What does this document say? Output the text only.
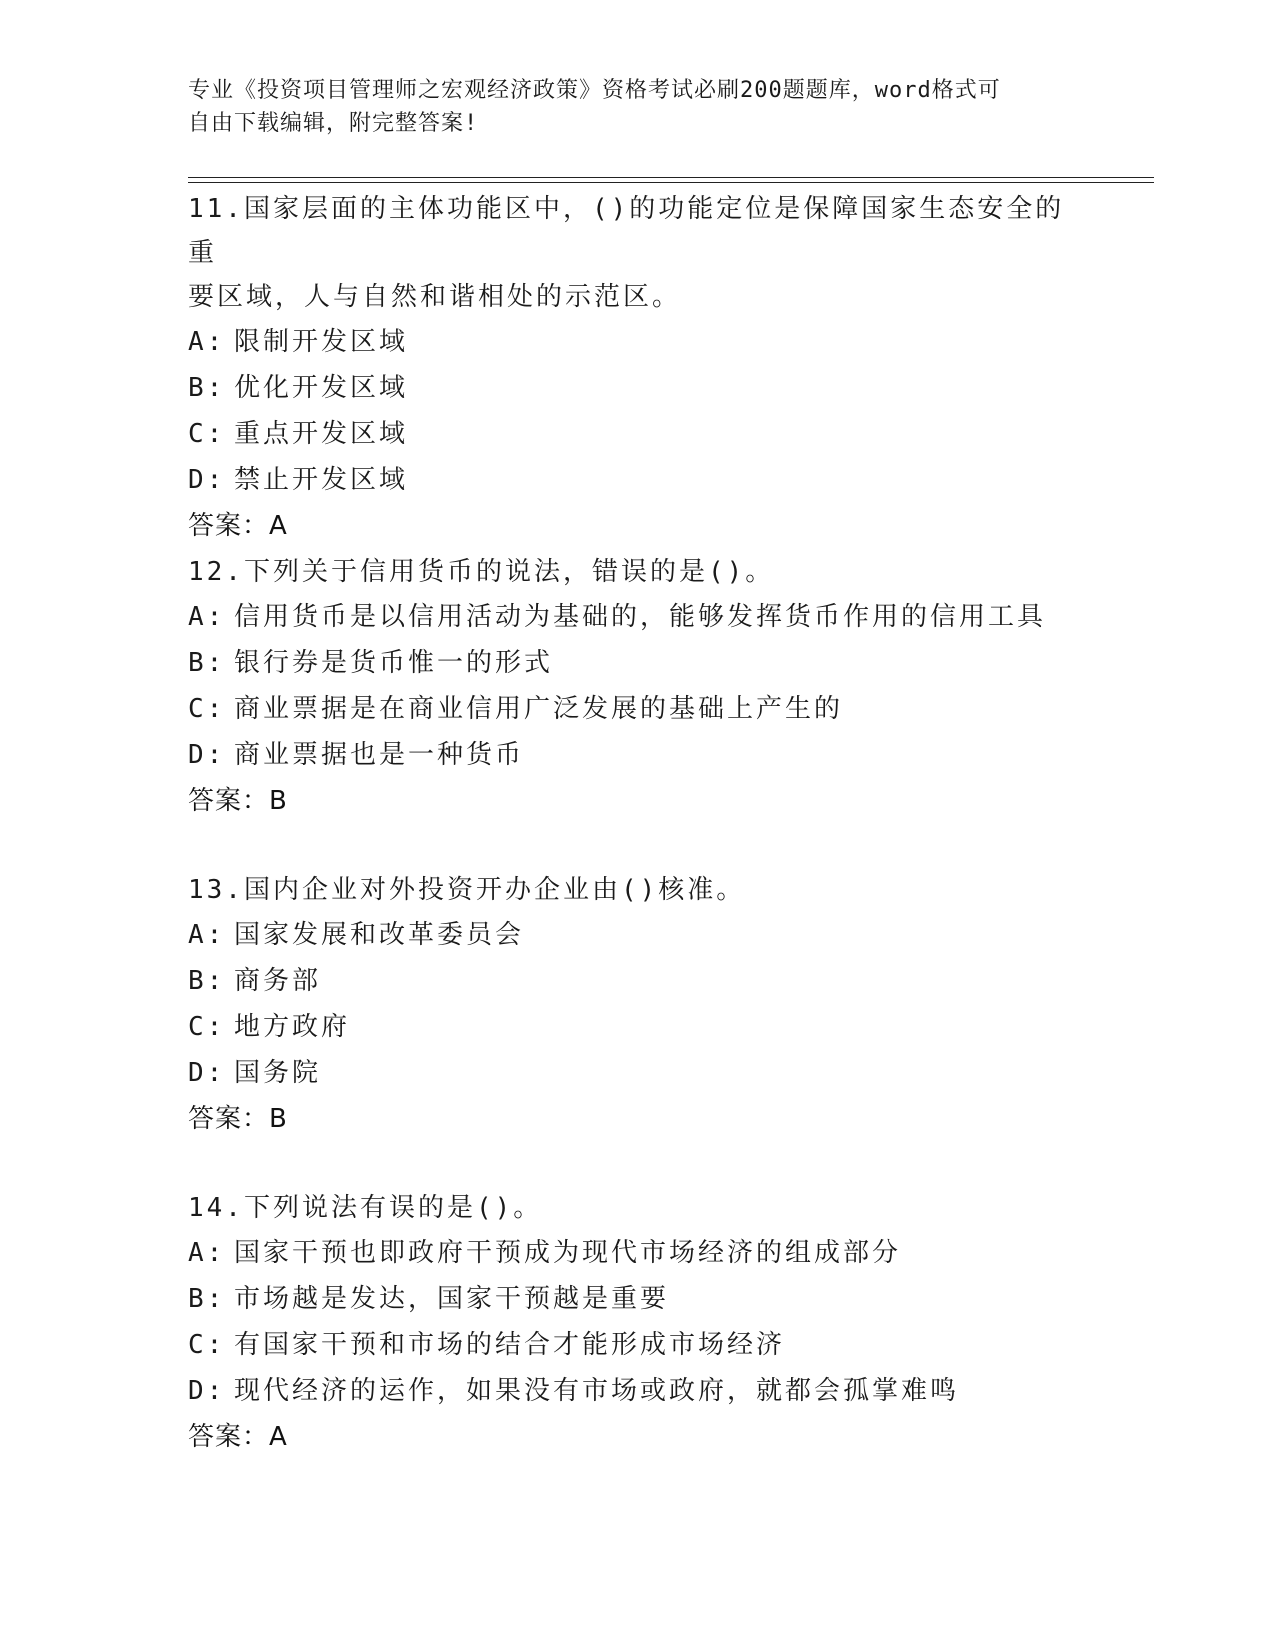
专业《投资项目管理师之宏观经济政策》资格考试必刷200题题库，word格式可
自由下载编辑，附完整答案!

11.国家层面的主体功能区中，()的功能定位是保障国家生态安全的重

要区域，人与自然和谐相处的示范区。

A: 限制开发区域

B: 优化开发区域

C: 重点开发区域

D: 禁止开发区域

答案：A

12.下列关于信用货币的说法，错误的是()。

A: 信用货币是以信用活动为基础的，能够发挥货币作用的信用工具

B: 银行券是货币惟一的形式

C: 商业票据是在商业信用广泛发展的基础上产生的

D: 商业票据也是一种货币

答案：B

13.国内企业对外投资开办企业由()核准。

A: 国家发展和改革委员会

B: 商务部

C: 地方政府

D: 国务院

答案：B

14.下列说法有误的是()。

A: 国家干预也即政府干预成为现代市场经济的组成部分

B: 市场越是发达，国家干预越是重要

C: 有国家干预和市场的结合才能形成市场经济

D: 现代经济的运作，如果没有市场或政府，就都会孤掌难鸣

答案：A
